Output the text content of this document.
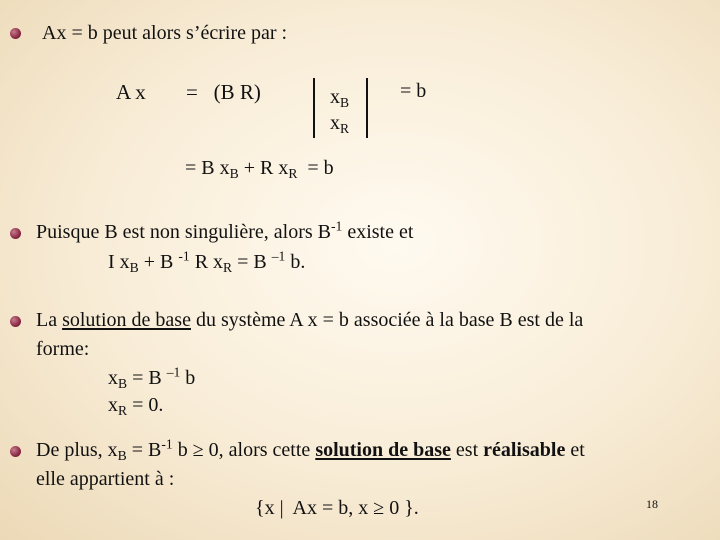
Ax = b peut alors s’écrire par :
A x =   (B R)	$x_B$
$x_R$
= b
= B $x_B + R$ $x_R = b$
Puisque B est non singulière, alors $B^{-1}$ existe et
I $x_B + B$ $^{-1}$ R $x_R = B$ $^{-1}$ b.
La solution de base du système A x = b associée à la base B est de la
forme:
$x_B = B$ $^{-1}$ b
$x_R = 0$.
De plus, $x_B = B^{-1}$ b ≥ 0, alors cette solution de base est réalisable et
elle appartient à :
{x |  Ax = b, x ≥ 0 }.	18
